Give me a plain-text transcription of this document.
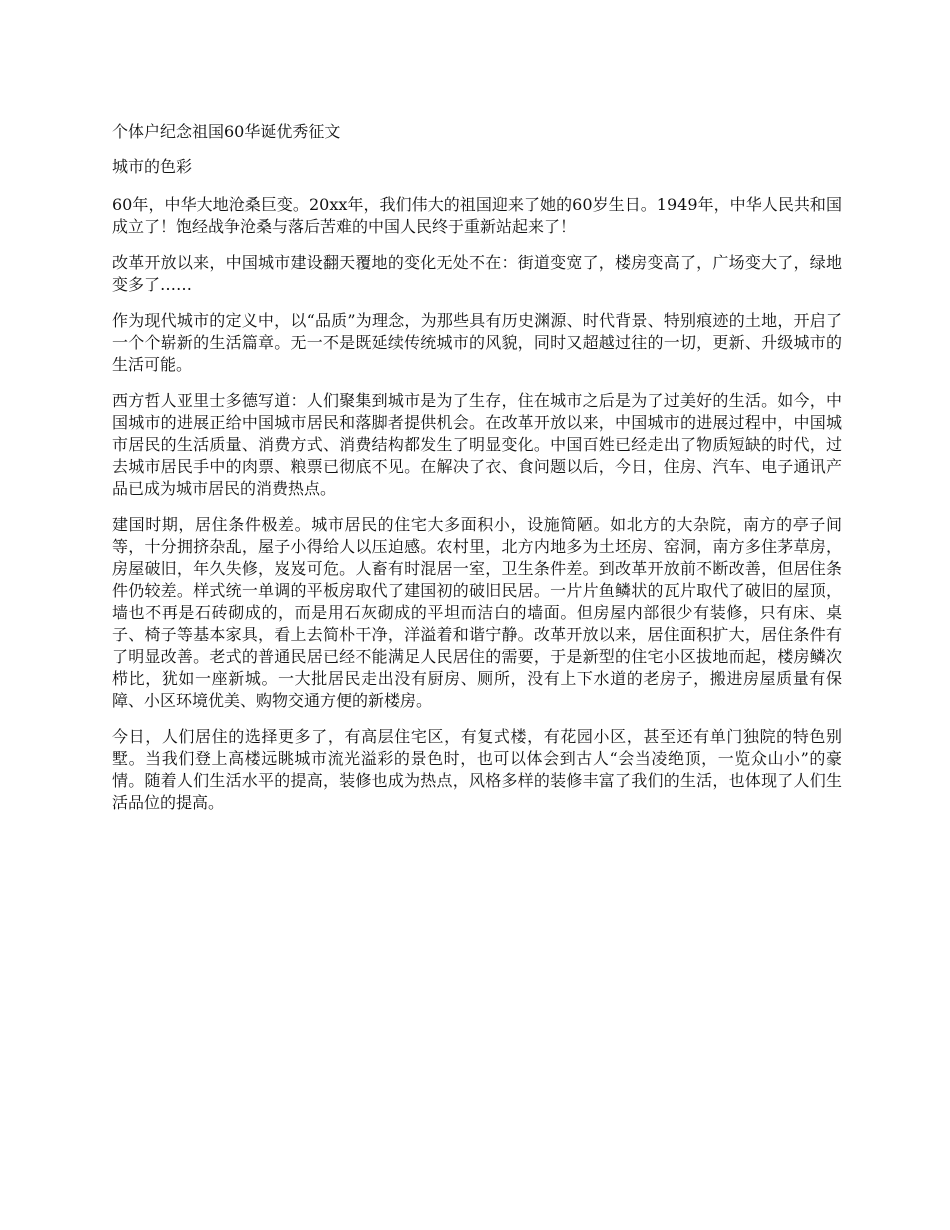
个体户纪念祖国60华诞优秀征文
城市的色彩

60年，中华大地沧桑巨变。20xx年，我们伟大的祖国迎来了她的60岁生日。1949年，中华人民共和国成立了！饱经战争沧桑与落后苦难的中国人民终于重新站起来了！

改革开放以来，中国城市建设翻天覆地的变化无处不在：街道变宽了，楼房变高了，广场变大了，绿地变多了……

作为现代城市的定义中，以“品质”为理念，为那些具有历史渊源、时代背景、特别痕迹的土地，开启了一个个崭新的生活篇章。无一不是既延续传统城市的风貌，同时又超越过往的一切，更新、升级城市的生活可能。

西方哲人亚里士多德写道：人们聚集到城市是为了生存，住在城市之后是为了过美好的生活。如今，中国城市的进展正给中国城市居民和落脚者提供机会。在改革开放以来，中国城市的进展过程中，中国城市居民的生活质量、消费方式、消费结构都发生了明显变化。中国百姓已经走出了物质短缺的时代，过去城市居民手中的肉票、粮票已彻底不见。在解决了衣、食问题以后，今日，住房、汽车、电子通讯产品已成为城市居民的消费热点。

建国时期，居住条件极差。城市居民的住宅大多面积小，设施简陋。如北方的大杂院，南方的亭子间等，十分拥挤杂乱，屋子小得给人以压迫感。农村里，北方内地多为土坯房、窑洞，南方多住茅草房，房屋破旧，年久失修，岌岌可危。人畜有时混居一室，卫生条件差。到改革开放前不断改善，但居住条件仍较差。样式统一单调的平板房取代了建国初的破旧民居。一片片鱼鳞状的瓦片取代了破旧的屋顶，墙也不再是石砖砌成的，而是用石灰砌成的平坦而洁白的墙面。但房屋内部很少有装修，只有床、桌子、椅子等基本家具，看上去简朴干净，洋溢着和谐宁静。改革开放以来，居住面积扩大，居住条件有了明显改善。老式的普通民居已经不能满足人民居住的需要，于是新型的住宅小区拔地而起，楼房鳞次栉比，犹如一座新城。一大批居民走出没有厨房、厕所，没有上下水道的老房子，搬进房屋质量有保障、小区环境优美、购物交通方便的新楼房。

今日，人们居住的选择更多了，有高层住宅区，有复式楼，有花园小区，甚至还有单门独院的特色别墅。当我们登上高楼远眺城市流光溢彩的景色时，也可以体会到古人“会当凌绝顶，一览众山小”的豪情。随着人们生活水平的提高，装修也成为热点，风格多样的装修丰富了我们的生活，也体现了人们生活品位的提高。
